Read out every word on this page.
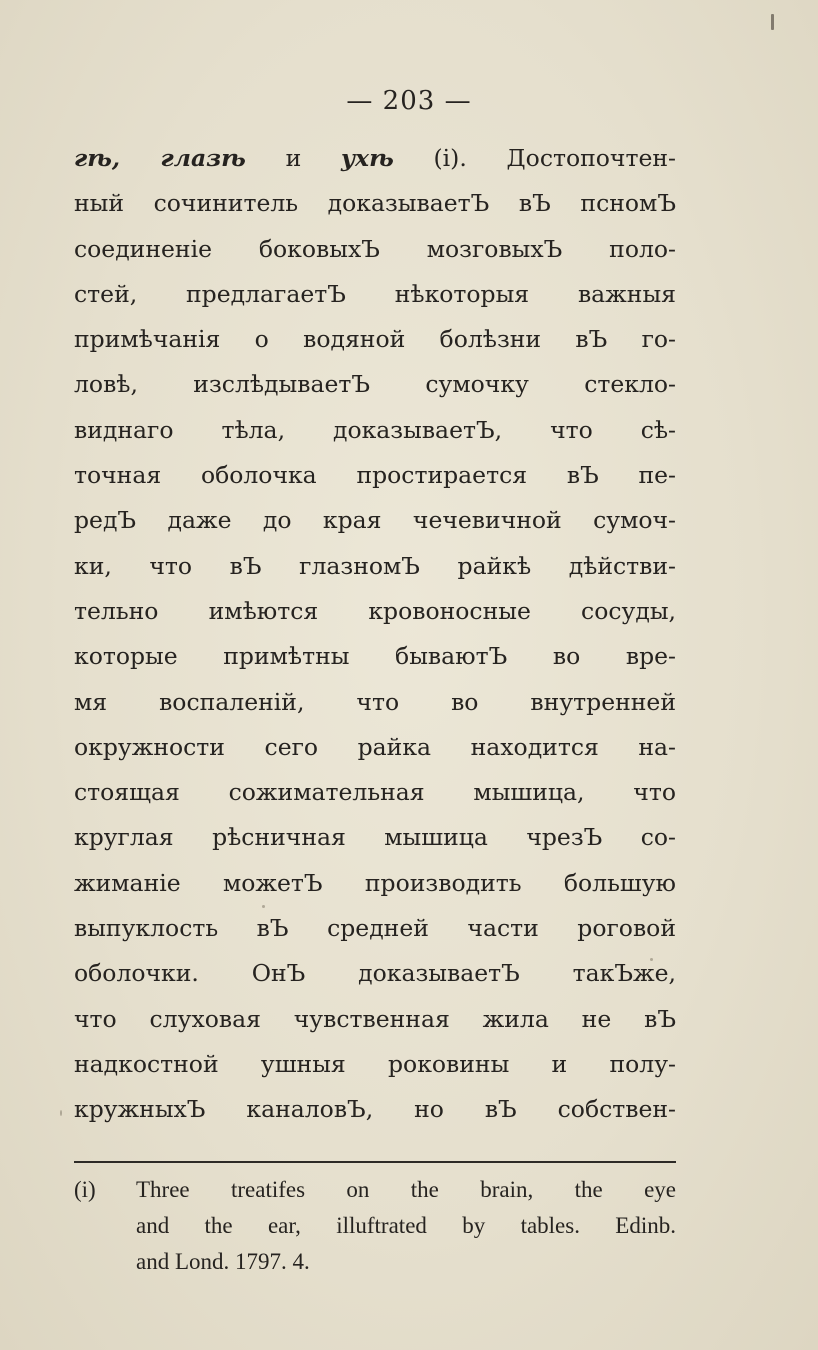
— 203 —
гѣ, глазѣ и ухѣ (i). Достопочтен-
ный сочинитель доказываетЪ вЪ псномЪ
соединеніе боковыхЪ мозговыхЪ поло-
стей, предлагаетЪ нѣкоторыя важныя
примѣчанія о водяной болѣзни вЪ го-
ловѣ, изслѣдываетЪ сумочку стекло-
виднаго тѣла, доказываетЪ, что сѣ-
точная оболочка простирается вЪ пе-
редЪ даже до края чечевичной сумоч-
ки, что вЪ глазномЪ райкѣ дѣйстви-
тельно имѣются кровоносные сосуды,
которые примѣтны бываютЪ во вре-
мя воспаленій, что во внутренней
окружности сего райка находится на-
стоящая сожимательная мышица, что
круглая рѣсничная мышица чрезЪ со-
жиманіе можетЪ производить большую
выпуклость вЪ средней части роговой
оболочки. ОнЪ доказываетЪ такЪже,
что слуховая чувственная жила не вЪ
надкостной ушныя роковины и полу-
кружныхЪ каналовЪ, но вЪ собствен-
(i)	Three treatifes on the brain, the eye
and the ear, illuftrated by tables. Edinb.
and Lond. 1797. 4.
